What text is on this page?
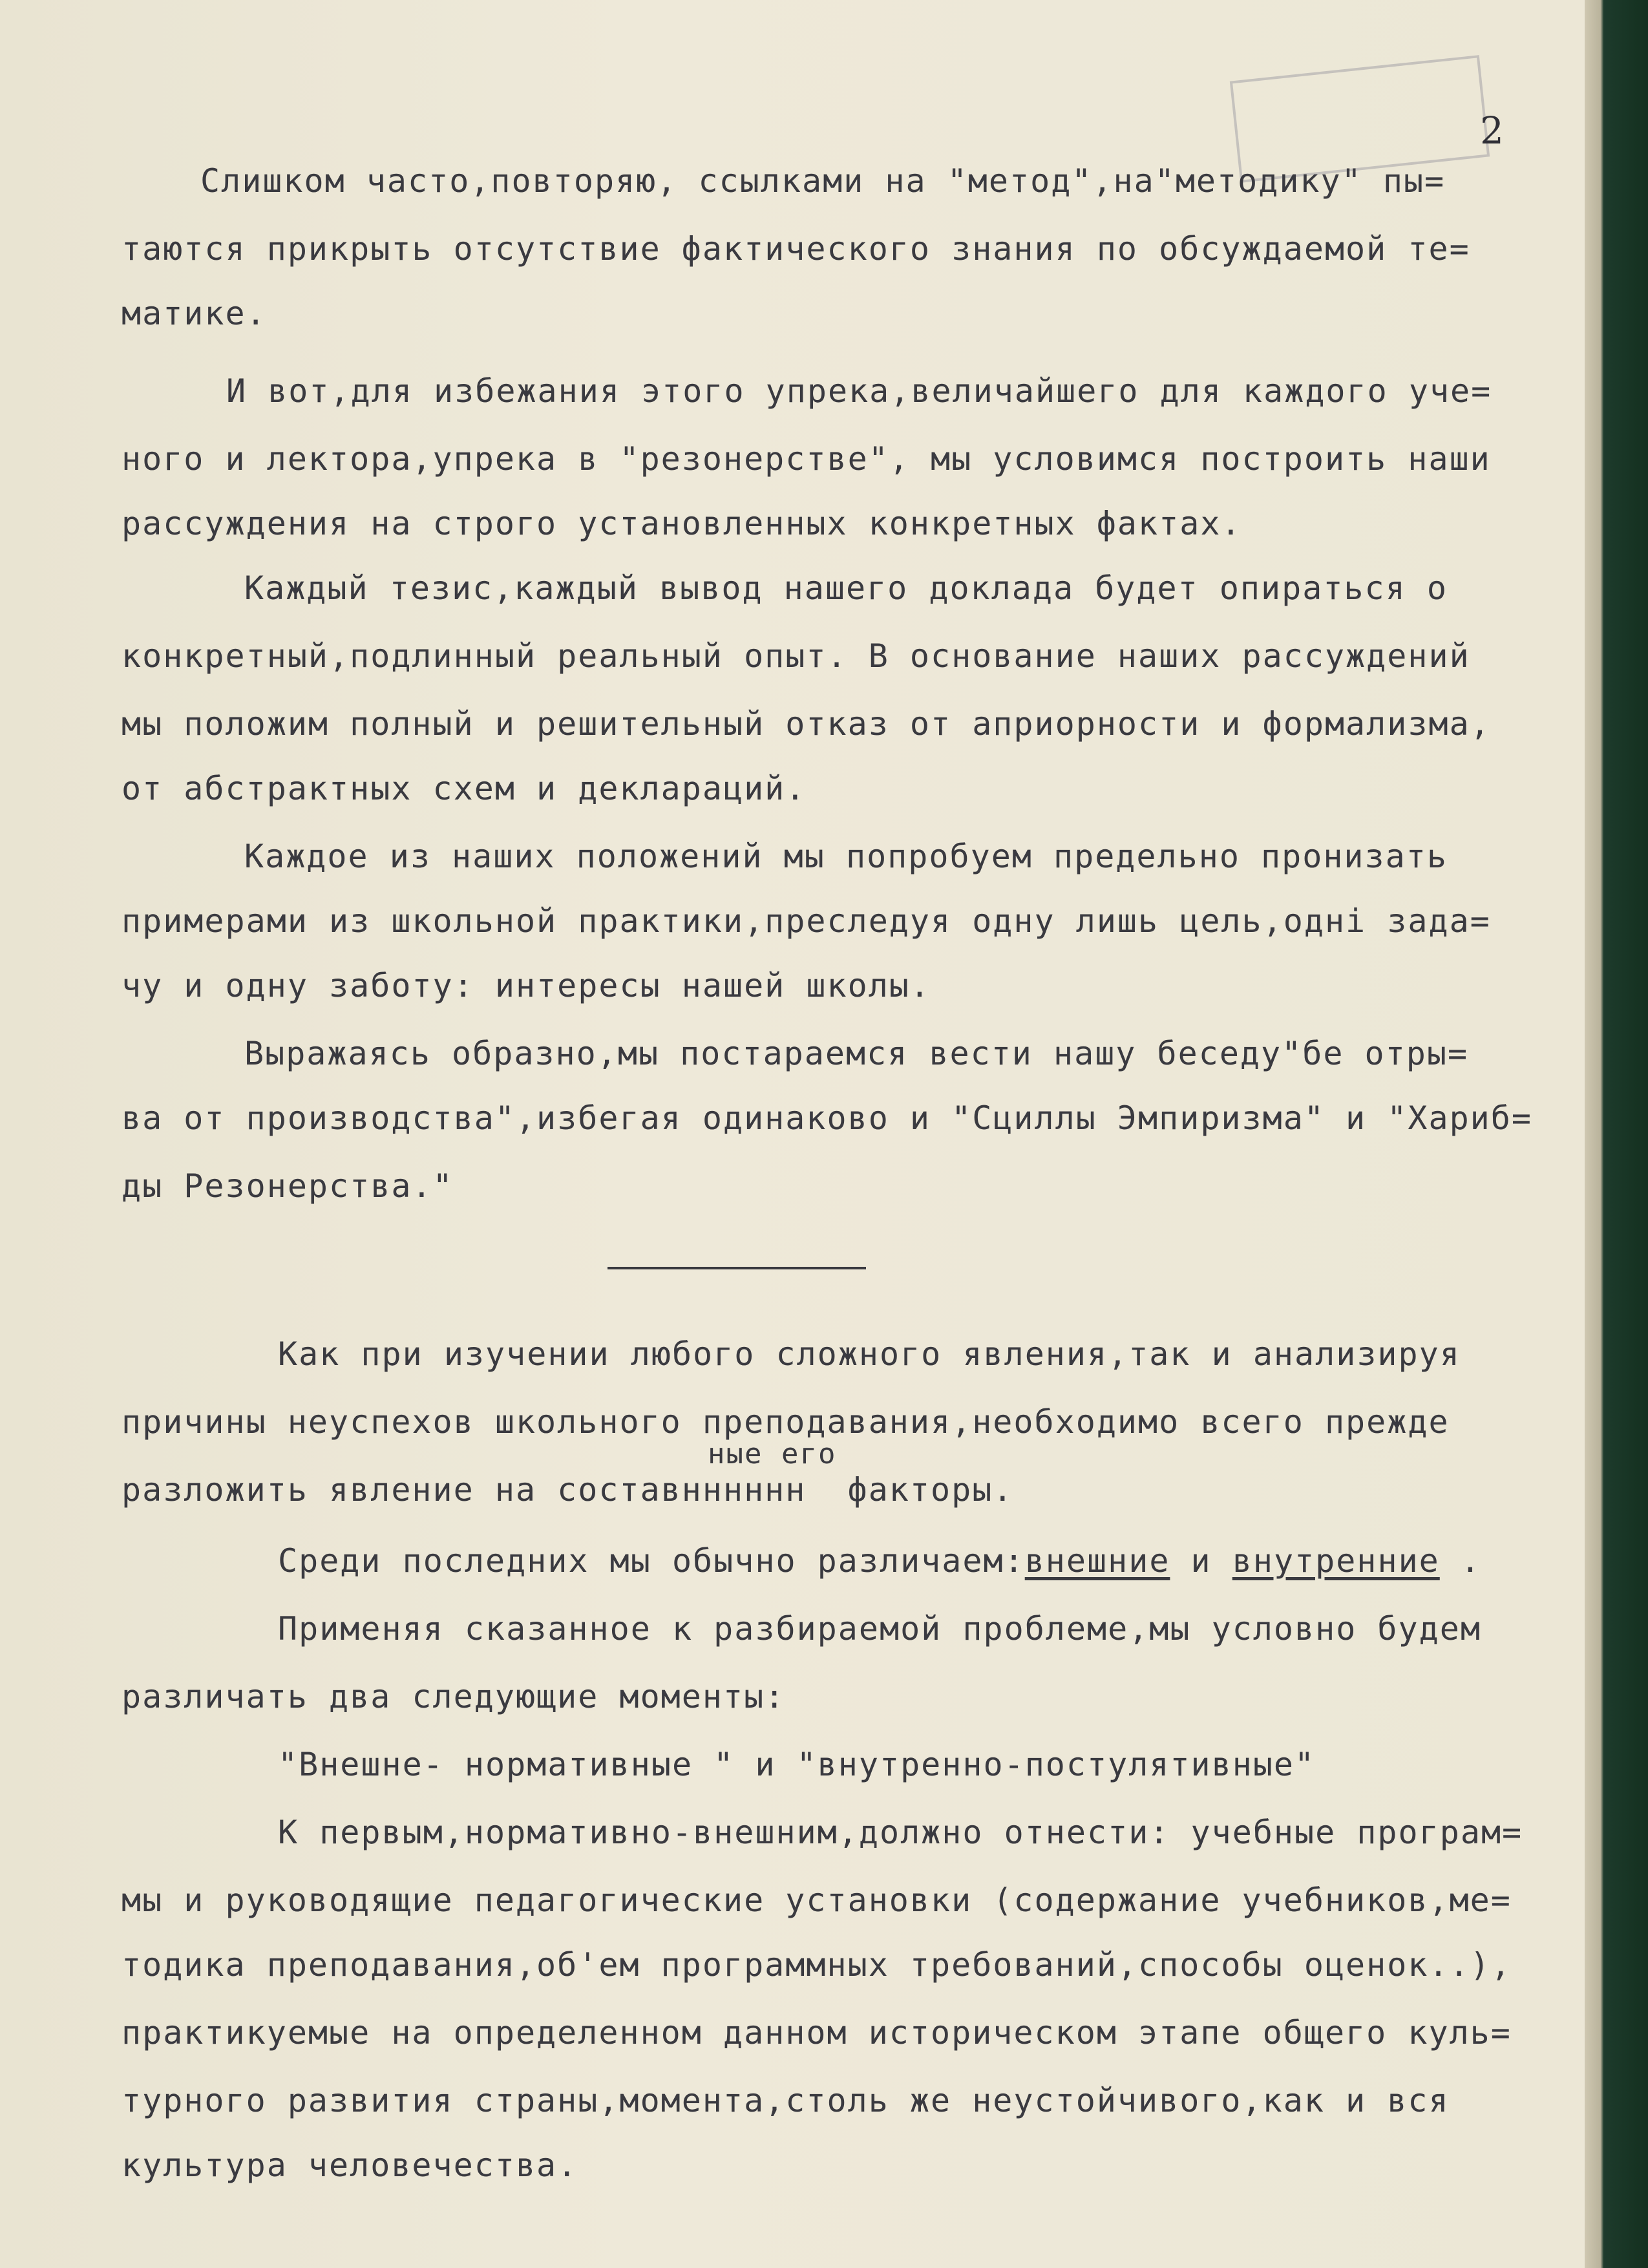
2
Слишком часто,повторяю, ссылками на "метод",на"методику" пы=
таются прикрыть отсутствие фактического знания по обсуждаемой те=
матике.
И вот,для избежания этого упрека,величайшего для каждого уче=
ного и лектора,упрека в "резонерстве", мы условимся построить наши
рассуждения на строго установленных конкретных фактах.
Каждый тезис,каждый вывод нашего доклада будет опираться о
конкретный,подлинный реальный опыт. В основание наших рассуждений
мы положим полный и решительный отказ от априорности и формализма,
от абстрактных схем и деклараций.
Каждое из наших положений мы попробуем предельно пронизать
примерами из школьной практики,преследуя одну лишь цель,одні зада=
чу и одну заботу: интересы нашей школы.
Выражаясь образно,мы постараемся вести нашу беседу"бе отры=
ва от производства",избегая одинаково и "Сциллы Эмпиризма" и "Хариб=
ды Резонерства."
Как при изучении любого сложного явления,так и анализируя
причины неуспехов школьного преподавания,необходимо всего прежде
ные его
разложить явление на составнннннн  факторы.
Среди последних мы обычно различаем:внешние и внутренние .
Применяя сказанное к разбираемой проблеме,мы условно будем
различать два следующие моменты:
"Внешне- нормативные " и "внутренно-постулятивные"
К первым,нормативно-внешним,должно отнести: учебные програм=
мы и руководящие педагогические установки (содержание учебников,ме=
тодика преподавания,об'ем программных требований,способы оценок..),
практикуемые на определенном данном историческом этапе общего куль=
турного развития страны,момента,столь же неустойчивого,как и вся
культура человечества.
